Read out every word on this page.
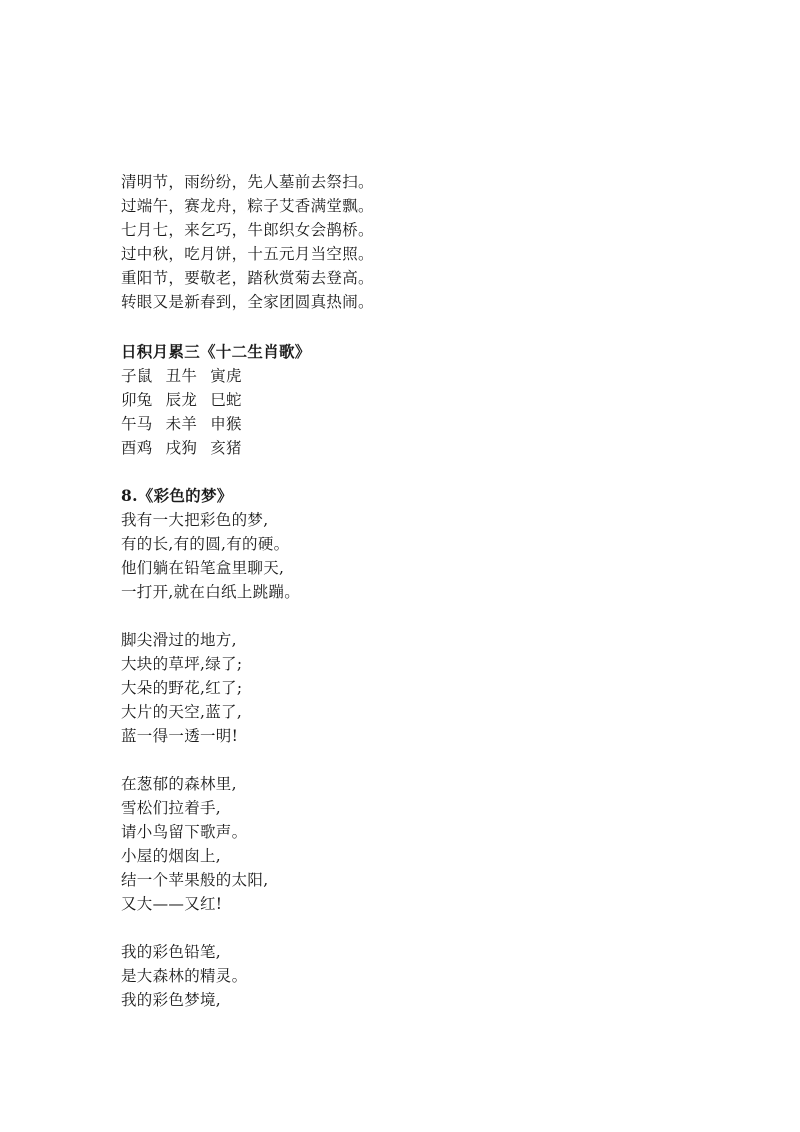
清明节，雨纷纷，先人墓前去祭扫。
过端午，赛龙舟，粽子艾香满堂飘。
七月七，来乞巧，牛郎织女会鹊桥。
过中秋，吃月饼，十五元月当空照。
重阳节，要敬老，踏秋赏菊去登高。
转眼又是新春到，全家团圆真热闹。
日积月累三《十二生肖歌》
子鼠 丑牛 寅虎
卯兔 辰龙 巳蛇
午马 未羊 申猴
酉鸡 戌狗 亥猪
8.《彩色的梦》
我有一大把彩色的梦,
有的长,有的圆,有的硬。
他们躺在铅笔盒里聊天,
一打开,就在白纸上跳蹦。
脚尖滑过的地方,
大块的草坪,绿了;
大朵的野花,红了;
大片的天空,蓝了,
蓝一得一透一明!
在葱郁的森林里,
雪松们拉着手,
请小鸟留下歌声。
小屋的烟囱上,
结一个苹果般的太阳,
又大——又红!
我的彩色铅笔,
是大森林的精灵。
我的彩色梦境,
